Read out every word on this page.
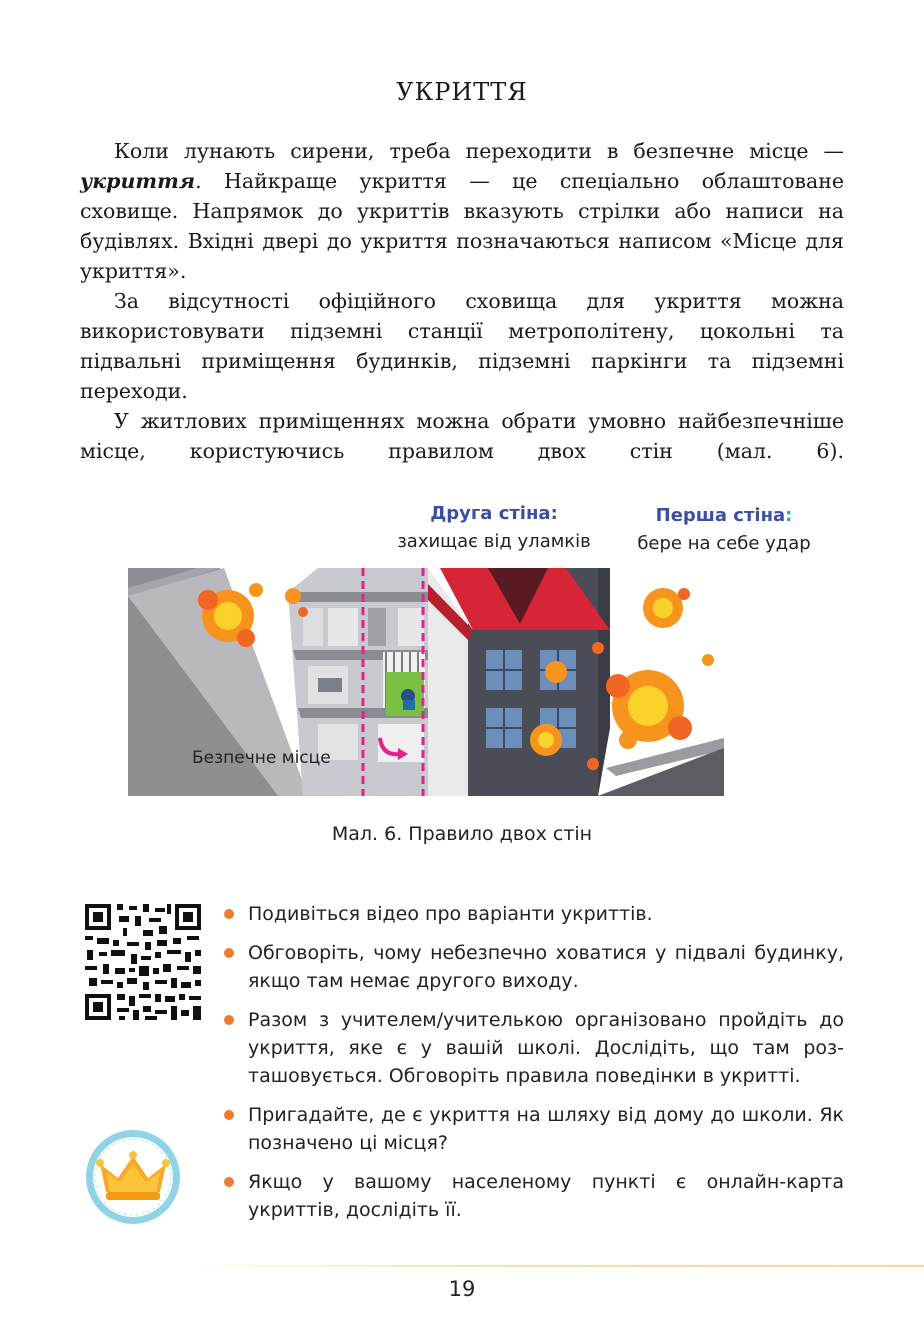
УКРИТТЯ

Коли лунають сирени, треба переходити в безпечне місце — укриття. Найкраще укриття — це спеціально облаштоване сховище. Напрямок до укриттів вказують стрілки або написи на будівлях. Вхідні двері до укриття позначаються написом «Місце для укриття».

За відсутності офіційного сховища для укриття можна використовувати підземні станції метрополітену, цокольні та підвальні приміщення будинків, підземні паркінги та підземні переходи.

У житлових приміщеннях можна обрати умовно найбезпечніше місце, користуючись правилом двох стін (мал. 6).

Друга стіна:
захищає від уламків
Перша стіна:
бере на себе удар
Безпечне місце
Мал. 6. Правило двох стін
Подивіться відео про варіанти укриттів.
Обговоріть, чому небезпечно ховатися у підвалі будинку, якщо там немає другого виходу.
Разом з учителем/учителькою організовано пройдіть до укриття, яке є у вашій школі. Дослідіть, що там розташовується. Обговоріть правила поведінки в укритті.
Пригадайте, де є укриття на шляху від дому до школи. Як позначено ці місця?
Якщо у вашому населеному пункті є онлайн-карта укриттів, дослідіть її.
19
